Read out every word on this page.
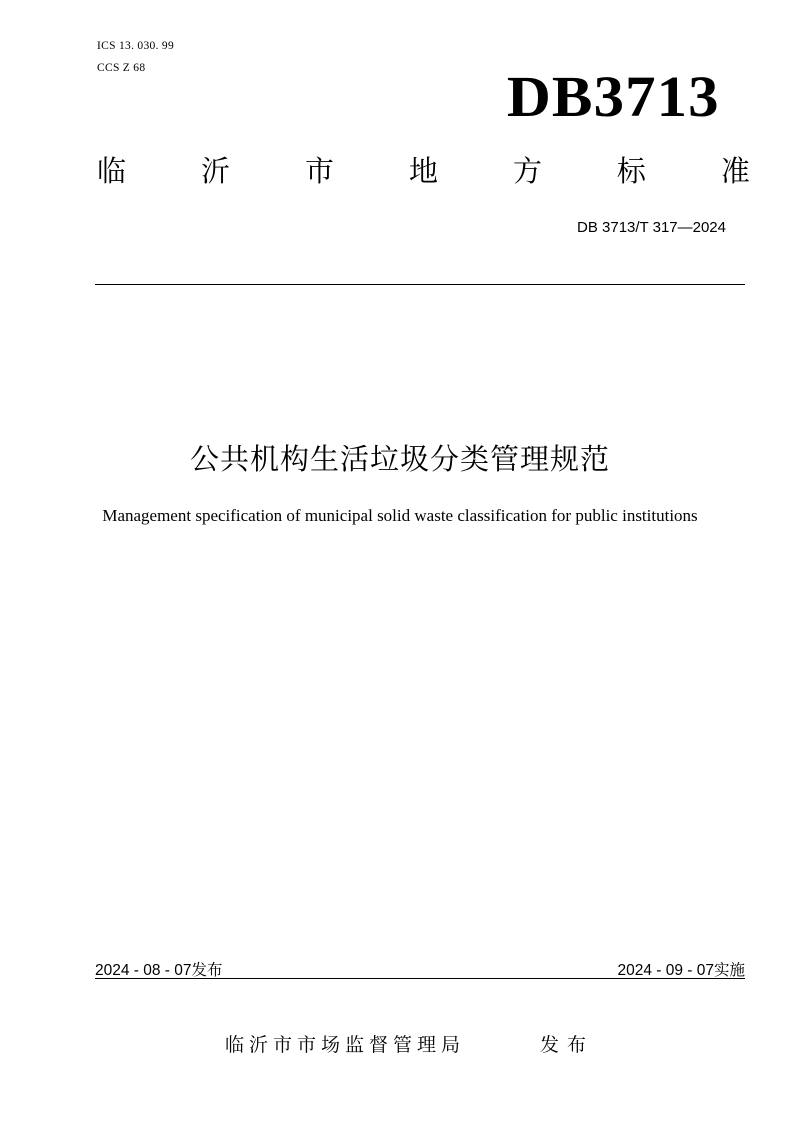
ICS 13. 030. 99
CCS Z 68	DB3713
临	沂	市	地	方	标	准
DB 3713/T 317—2024
公共机构生活垃圾分类管理规范
Management specification of municipal solid waste classification for public institutions
2024 - 08 - 07发布	2024 - 09 - 07实施
临沂市市场监督管理局	发布
